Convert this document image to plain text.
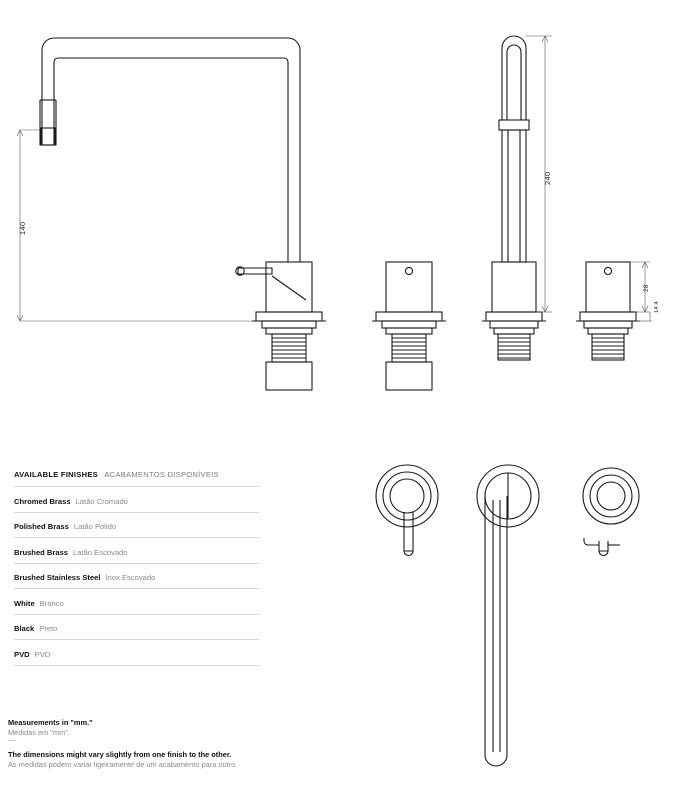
140
240
28
14.4
AVAILABLE FINISHES ACABAMENTOS DISPONÍVEIS
Chromed Brass Latão Cromado
Polished Brass Latão Polido
Brushed Brass Latão Escovado
Brushed Stainless Steel Inox Escovado
White Branco
Black Preto
PVD PVD
Measurements in "mm."
Medidas em "mm".
—
The dimensions might vary slightly from one finish to the other.
As medidas podem variar ligeiramente de um acabamento para outro.
